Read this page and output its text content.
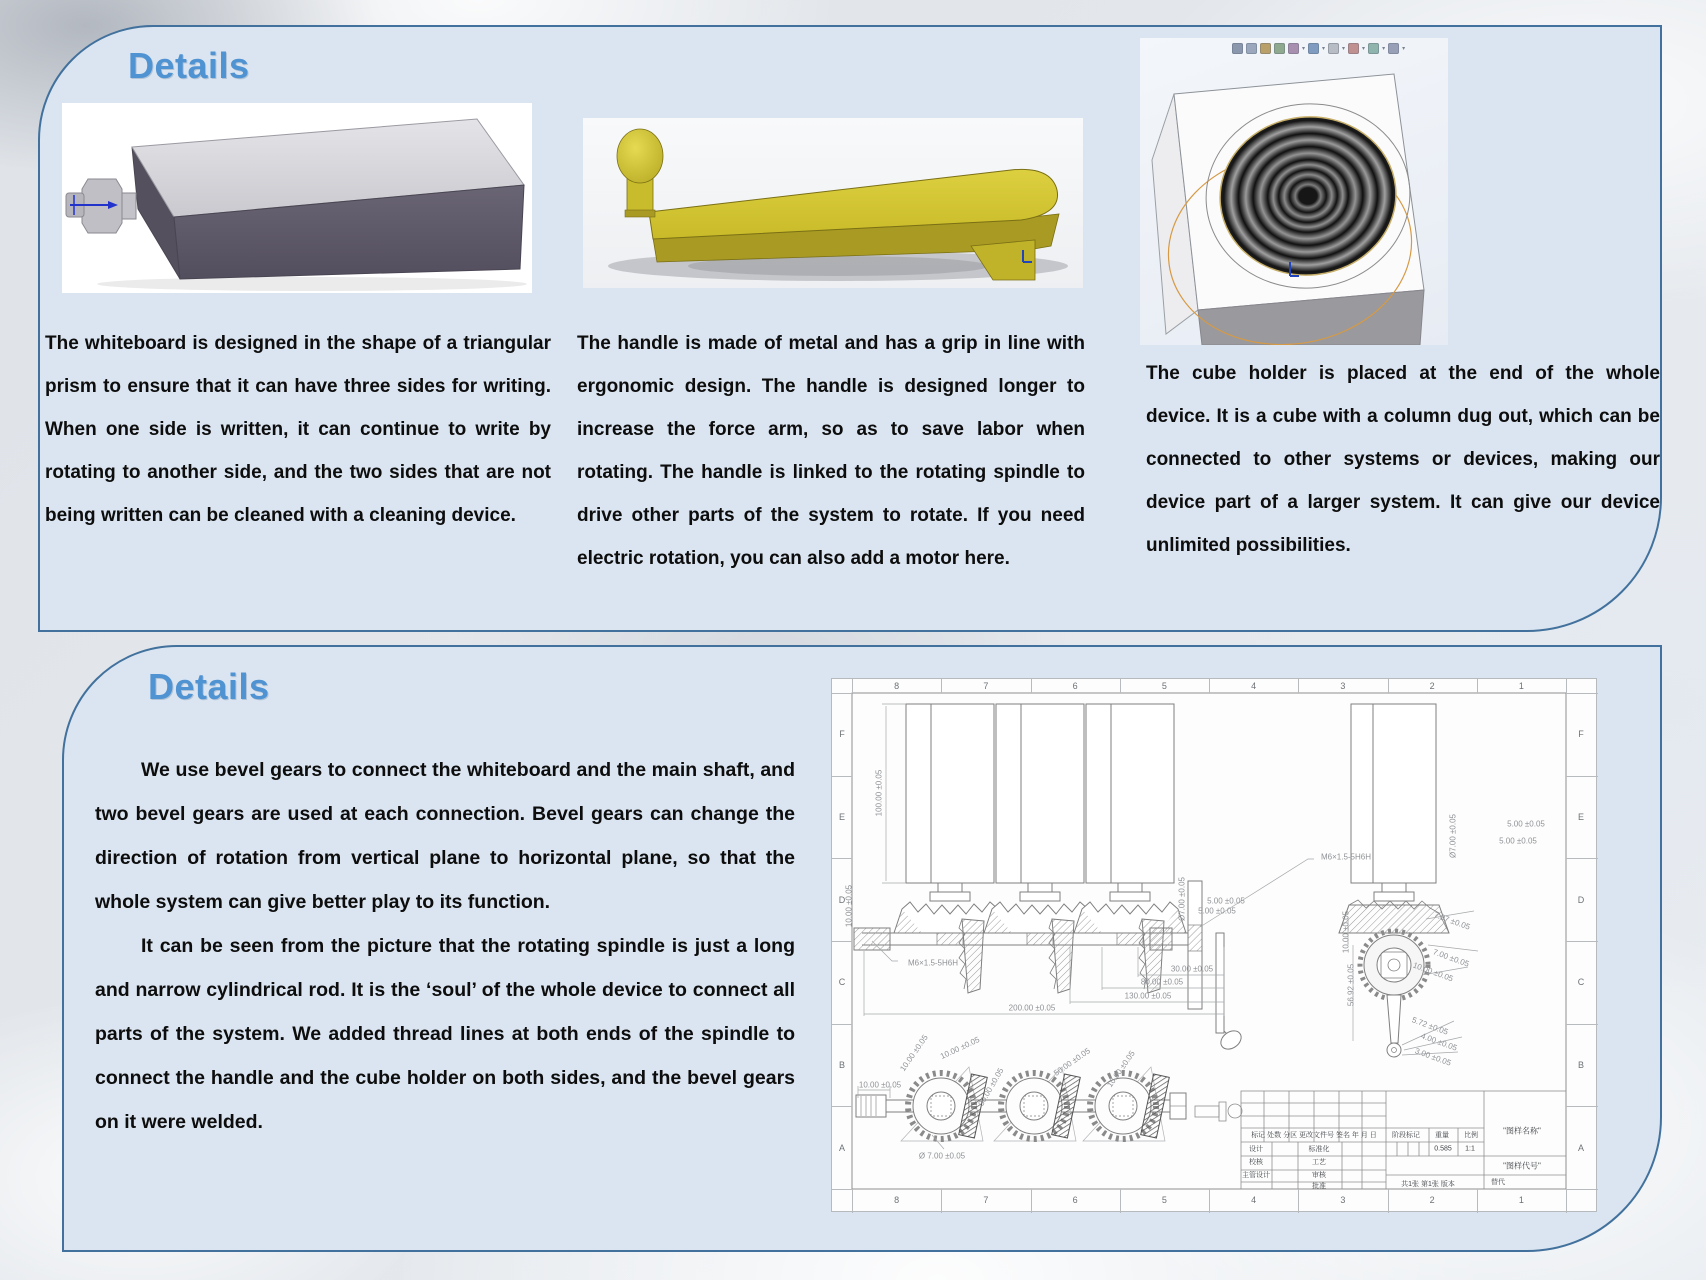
Details	▾	▾	▾	▾	▾	▾
The whiteboard is designed in the shape of a triangular prism to ensure that it can have three sides for writing. When one side is written, it can continue to write by rotating to another side, and the two sides that are not being written can be cleaned with a cleaning device.
The handle is made of metal and has a grip in line with ergonomic design. The handle is designed longer to increase the force arm, so as to save labor when rotating. The handle is linked to the rotating spindle to drive other parts of the system to rotate. If you need electric rotation, you can also add a motor here.
The cube holder is placed at the end of the whole device. It is a cube with a column dug out, which can be connected to other systems or devices, making our device part of a larger system. It can give our device unlimited possibilities.
Details

We use bevel gears to connect the whiteboard and the main shaft, and two bevel gears are used at each connection. Bevel gears can change the direction of rotation from vertical plane to horizontal plane, so that the whole system can give better play to its function.

It can be seen from the picture that the rotating spindle is just a long and narrow cylindrical rod. It is the ‘soul’ of the whole device to connect all parts of the system. We added thread lines at both ends of the spindle to connect the handle and the cube holder on both sides, and the bevel gears on it were welded.

100.00 ±0.05
10.00 ±0.05
M6×1.5-5H6H
Ø7.00 ±0.05	5.00 ±0.05
5.00 ±0.05
M6×1.5-5H6H
30.00 ±0.05
80.00 ±0.05
130.00 ±0.05
200.00 ±0.05
5.00 ±0.05
5.00 ±0.05
Ø7.00 ±0.05
10.00 ±0.05	7.07 ±0.05
7.00 ±0.05
10.00 ±0.05
56.92 ±0.05
5.72 ±0.05
4.00 ±0.05
3.00 ±0.05
10.00 ±0.05
10.00 ±0.05 10.00 ±0.05
Ø 7.00 ±0.05
30.00 ±0.05
50.00 ±0.05 10.00 ±0.05
标记 处数 分区 更改文件号 签名 年 月 日
设计	标准化
校核	工艺
主管设计	审核
批准
阶段标记 重量 比例
0.585 1:1
"图样名称"
"图样代号"
共1张 第1张 版本	替代
8
8
7
7
6
6
5
5
4
4
3
3
2
2
1
1
F	F
E	E
D	D
C	C
B	B
A	A
